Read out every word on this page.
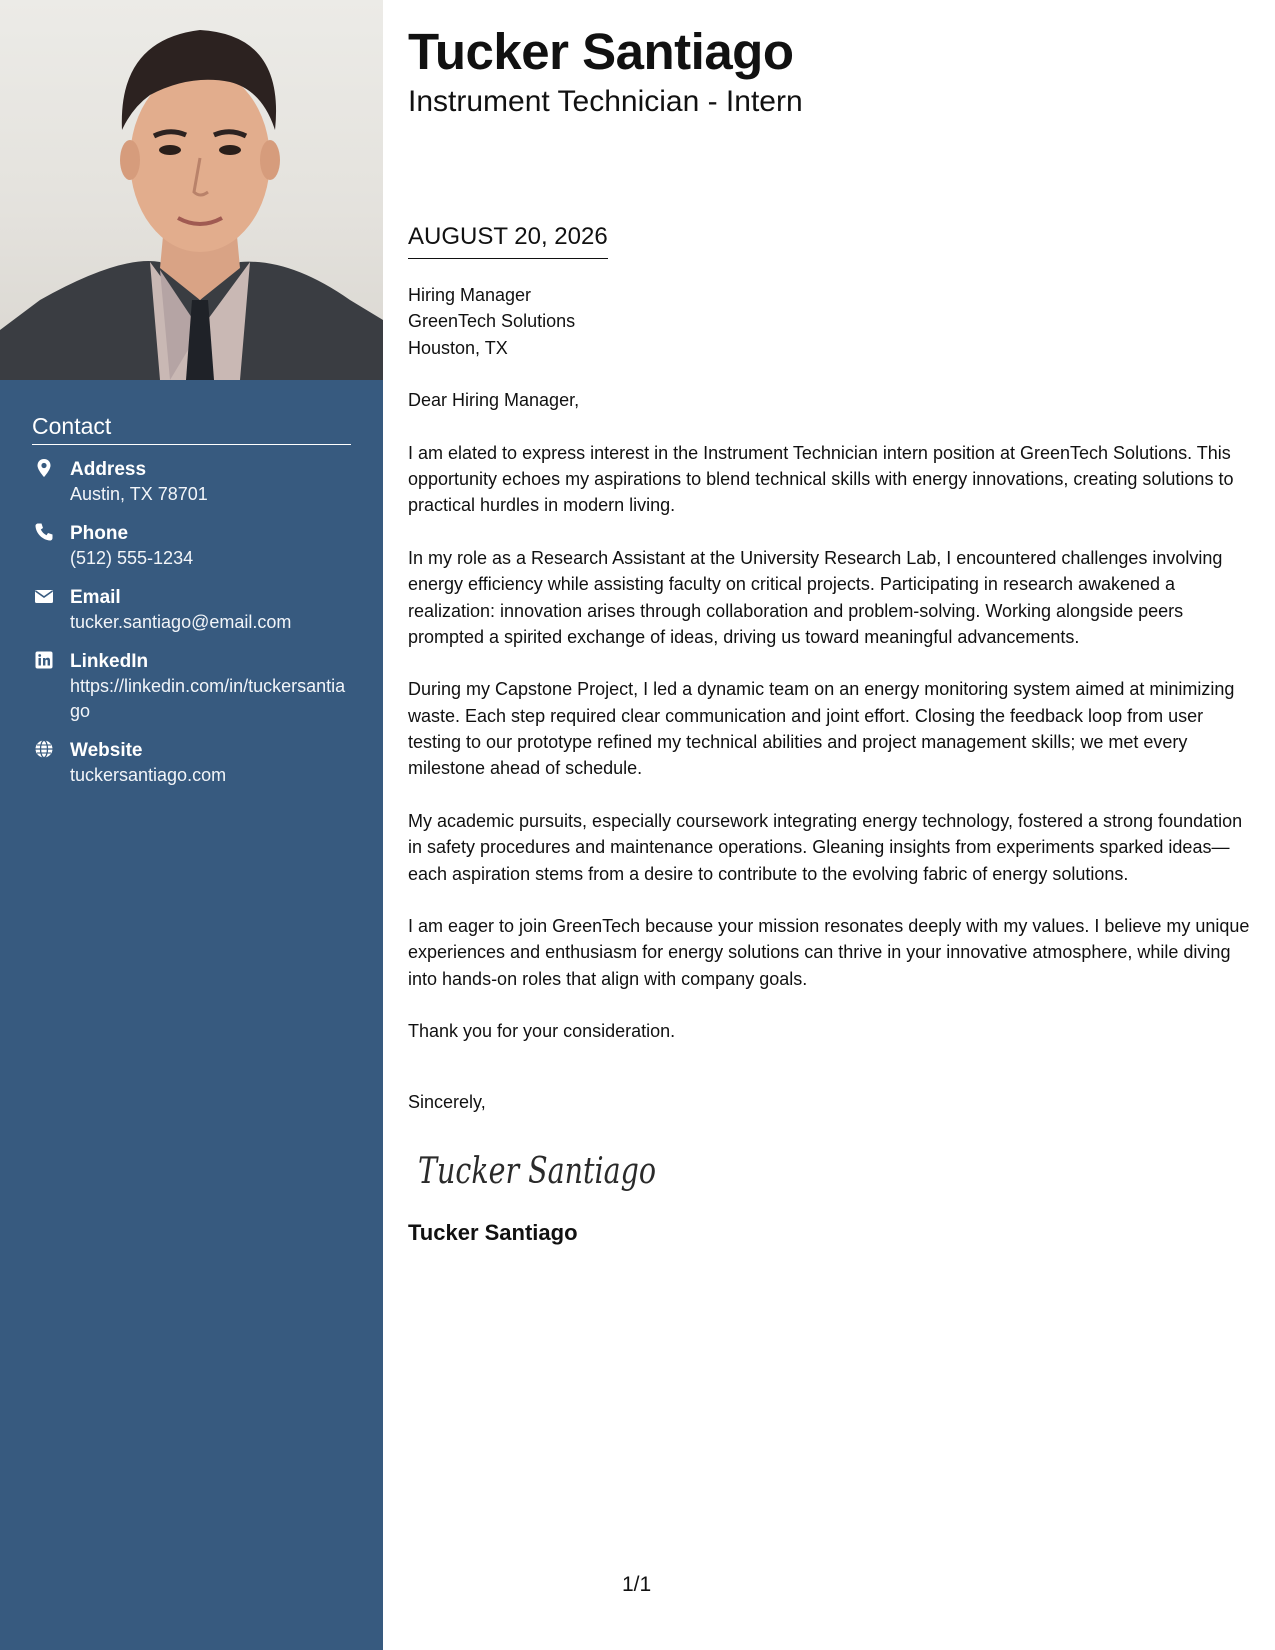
Contact
Address
Austin, TX 78701
Phone
(512) 555-1234
Email
tucker.santiago@email.com
LinkedIn
https://linkedin.com/in/tuckersantiago
Website
tuckersantiago.com
Tucker Santiago
Instrument Technician - Intern
AUGUST 20, 2026
Hiring Manager
GreenTech Solutions
Houston, TX

Dear Hiring Manager,

I am elated to express interest in the Instrument Technician intern position at GreenTech Solutions. This opportunity echoes my aspirations to blend technical skills with energy innovations, creating solutions to practical hurdles in modern living.

In my role as a Research Assistant at the University Research Lab, I encountered challenges involving energy efficiency while assisting faculty on critical projects. Participating in research awakened a realization: innovation arises through collaboration and problem-solving. Working alongside peers prompted a spirited exchange of ideas, driving us toward meaningful advancements.

During my Capstone Project, I led a dynamic team on an energy monitoring system aimed at minimizing waste. Each step required clear communication and joint effort. Closing the feedback loop from user testing to our prototype refined my technical abilities and project management skills; we met every milestone ahead of schedule.

My academic pursuits, especially coursework integrating energy technology, fostered a strong foundation in safety procedures and maintenance operations. Gleaning insights from experiments sparked ideas—each aspiration stems from a desire to contribute to the evolving fabric of energy solutions.

I am eager to join GreenTech because your mission resonates deeply with my values. I believe my unique experiences and enthusiasm for energy solutions can thrive in your innovative atmosphere, while diving into hands-on roles that align with company goals.

Thank you for your consideration.

Sincerely,
Tucker Santiago
Tucker Santiago
1/1
